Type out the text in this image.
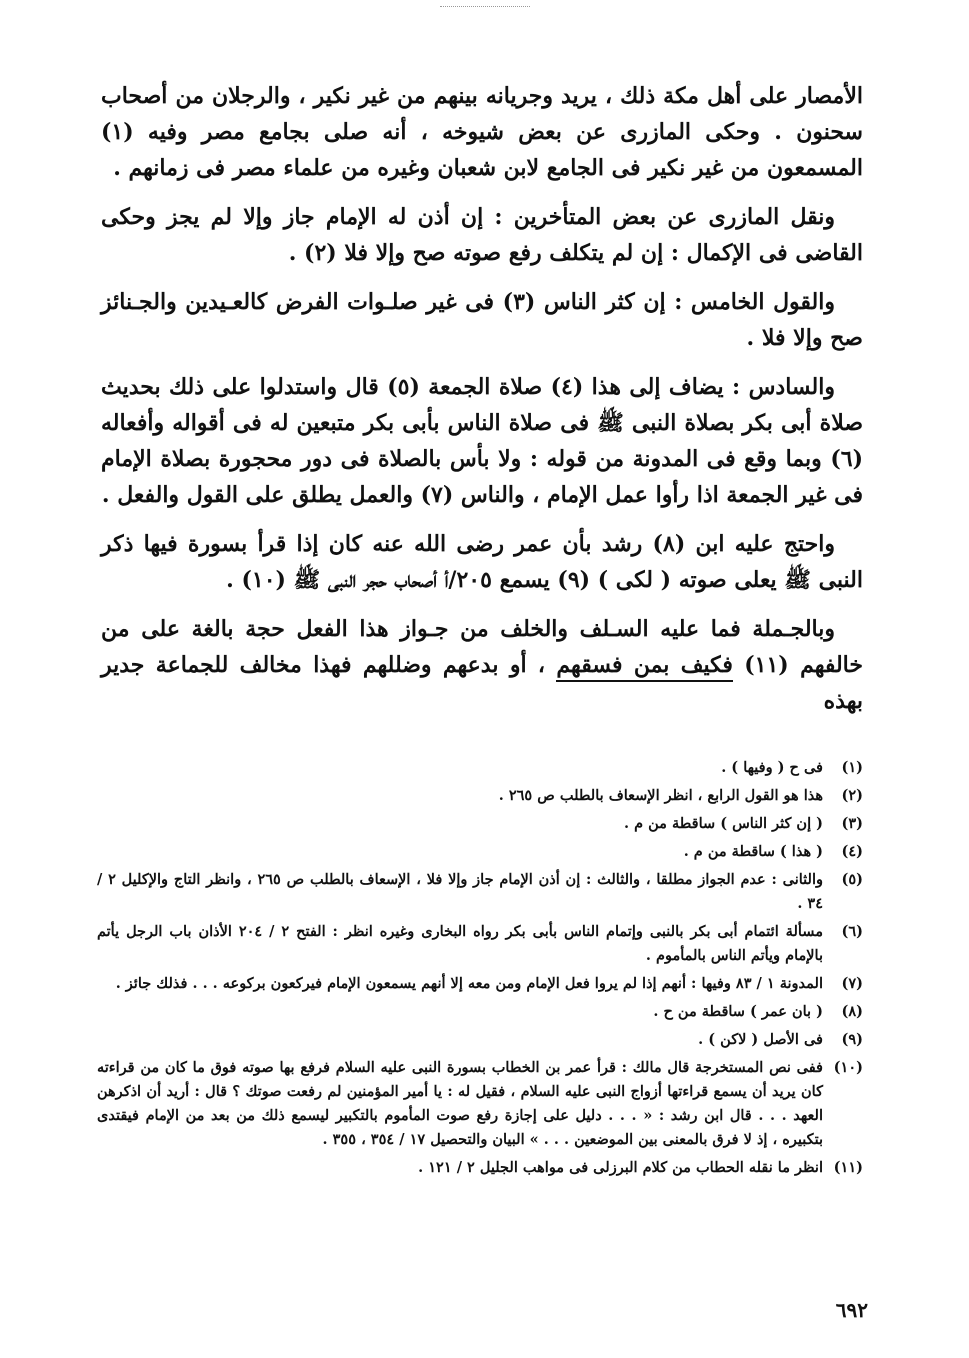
الأمصار على أهل مكة ذلك ، يريد وجريانه بينهم من غير نكير ، والرجلان من أصحاب سحنون . وحكى المازرى عن بعض شيوخه ، أنه صلى بجامع مصر وفيه (١) المسمعون من غير نكير فى الجامع لابن شعبان وغيره من علماء مصر فى زمانهم .

ونقل المازرى عن بعض المتأخرين : إن أذن له الإمام جاز وإلا لم يجز وحكى القاضى فى الإكمال : إن لم يتكلف رفع صوته صح وإلا فلا (٢) .

والقول الخامس : إن كثر الناس (٣) فى غير صلـوات الفرض كالعـيدين والجـنائز صح وإلا فلا .

والسادس : يضاف إلى هذا (٤) صلاة الجمعة (٥) قال واستدلوا على ذلك بحديث صلاة أبى بكر بصلاة النبى ﷺ فى صلاة الناس بأبى بكر متبعين له فى أقواله وأفعاله (٦) وبما وقع فى المدونة من قوله : ولا بأس بالصلاة فى دور محجورة بصلاة الإمام فى غير الجمعة اذا رأوا عمل الإمام ، والناس (٧) والعمل يطلق على القول والفعل .

واحتج عليه ابن (٨) رشد بأن عمر رضى الله عنه كان إذا قرأ بسورة فيها ذكر النبى ﷺ يعلى صوته ( لكى ) (٩) يسمع ٢٠٥/أ أصحاب حجر النبى ﷺ (١٠) .

وبالجـملة فما عليه السـلف والخلف من جـواز هذا الفعل حجة بالغة على من خالفهم (١١) فكيف بمن فسقهم ، أو بدعهم وضللهم فهذا مخالف للجماعة جدير بهذه

(١)
فى ح ( وفيها ) .
(٢)
هذا هو القول الرابع ، انظر الإسعاف بالطلب ص ٢٦٥ .
(٣)
( إن كثر الناس ) ساقطة من م .
(٤)
( هذا ) ساقطة من م .
(٥)
والثانى : عدم الجواز مطلقا ، والثالث : إن أذن الإمام جاز وإلا فلا ، الإسعاف بالطلب ص ٢٦٥ ، وانظر التاج والإكليل ٢ / ٣٤ .
(٦)
مسألة ائتمام أبى بكر بالنبى وإتمام الناس بأبى بكر رواه البخارى وغيره انظر : الفتح ٢ / ٢٠٤ الأذان باب الرجل يأتم بالإمام ويأتم الناس بالمأموم .
(٧)
المدونة ١ / ٨٣ وفيها : أنهم إذا لم يروا فعل الإمام ومن معه إلا أنهم يسمعون الإمام فيركعون بركوعه . . . فذلك جائز .
(٨)
( بان عمر ) ساقطة من ح .
(٩)
فى الأصل ( لاكن ) .
(١٠)
ففى نص المستخرجة قال مالك : قرأ عمر بن الخطاب بسورة النبى عليه السلام فرفع بها صوته فوق ما كان من قراءته كان يريد أن يسمع قراءتها أزواج النبى عليه السلام ، فقيل له : يا أمير المؤمنين لم رفعت صوتك ؟ قال : أريد أن اذكرهن العهد . . . قال ابن رشد : « . . . دليل على إجازة رفع صوت المأموم بالتكبير ليسمع ذلك من بعد من الإمام فيقتدى بتكبيره ، إذ لا فرق بالمعنى بين الموضعين . . . » البيان والتحصيل ١٧ / ٣٥٤ ، ٣٥٥ .
(١١)
انظر ما نقله الحطاب من كلام البرزلى فى مواهب الجليل ٢ / ١٢١ .
٦٩٢
